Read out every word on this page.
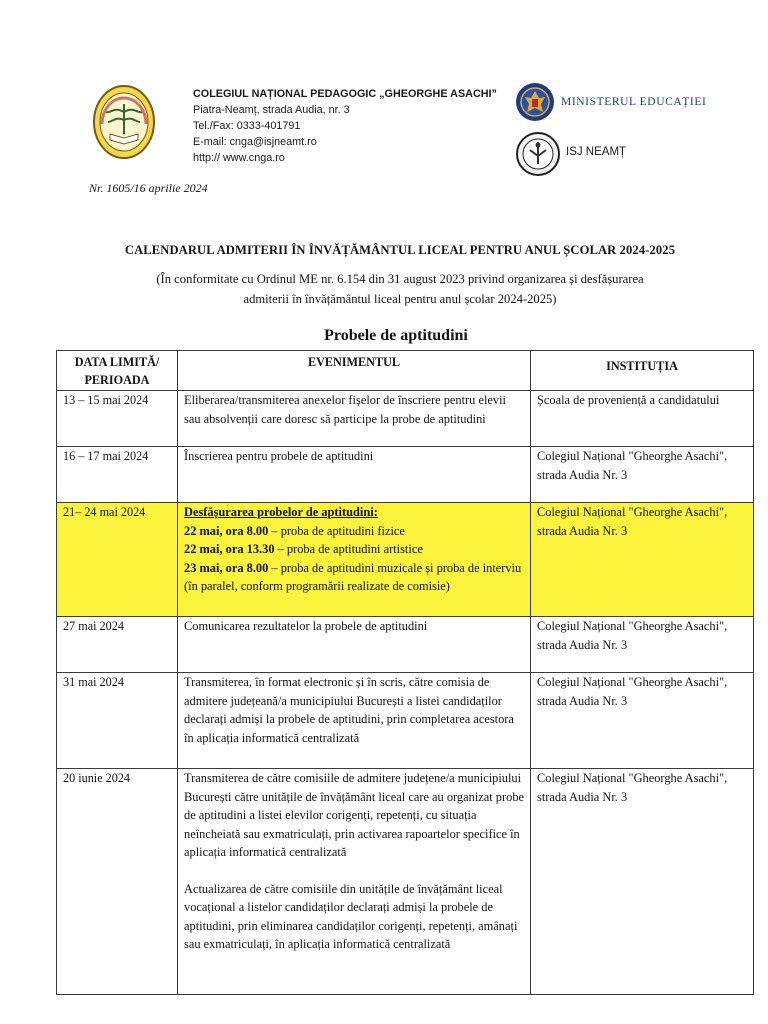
COLEGIUL NAȚIONAL PEDAGOGIC „GHEORGHE ASACHI”
Piatra-Neamț, strada Audia, nr. 3
Tel./Fax: 0333-401791
E-mail: cnga@isjneamt.ro
http:// www.cnga.ro
MINISTERUL EDUCAȚIEI
ISJ NEAMȚ
Nr. 1605/16 aprilie 2024
CALENDARUL ADMITERII ÎN ÎNVĂȚĂMÂNTUL LICEAL PENTRU ANUL ȘCOLAR 2024-2025
(În conformitate cu Ordinul ME nr. 6.154 din 31 august 2023 privind organizarea și desfășurarea
admiterii în învățământul liceal pentru anul școlar 2024-2025)
Probele de aptitudini
DATA LIMITĂ/
PERIOADA	EVENIMENTUL	INSTITUȚIA
13 – 15 mai 2024	Eliberarea/transmiterea anexelor fișelor de înscriere pentru elevii sau absolvenții care doresc să participe la probe de aptitudini	Școala de proveniență a candidatului
16 – 17 mai 2024	Înscrierea pentru probele de aptitudini	Colegiul Național "Gheorghe Asachi", strada Audia Nr. 3
21– 24 mai 2024	Desfășurarea probelor de aptitudini:
22 mai, ora 8.00 – proba de aptitudini fizice
22 mai, ora 13.30 – proba de aptitudini artistice
23 mai, ora 8.00 – proba de aptitudini muzicale și proba de interviu (în paralel, conform programării realizate de comisie)	Colegiul Național "Gheorghe Asachi", strada Audia Nr. 3
27 mai 2024	Comunicarea rezultatelor la probele de aptitudini	Colegiul Național "Gheorghe Asachi", strada Audia Nr. 3
31 mai 2024	Transmiterea, în format electronic și în scris, către comisia de admitere județeană/a municipiului București a listei candidaților declarați admiși la probele de aptitudini, prin completarea acestora în aplicația informatică centralizată	Colegiul Național "Gheorghe Asachi", strada Audia Nr. 3
20 iunie 2024	Transmiterea de către comisiile de admitere județene/a municipiului București către unitățile de învățământ liceal care au organizat probe de aptitudini a listei elevilor corigenți, repetenți, cu situația neîncheiată sau exmatriculați, prin activarea rapoartelor specifice în aplicația informatică centralizată
Actualizarea de către comisiile din unitățile de învățământ liceal vocațional a listelor candidaților declarați admiși la probele de aptitudini, prin eliminarea candidaților corigenți, repetenți, amânați sau exmatriculați, în aplicația informatică centralizată	Colegiul Național "Gheorghe Asachi", strada Audia Nr. 3
